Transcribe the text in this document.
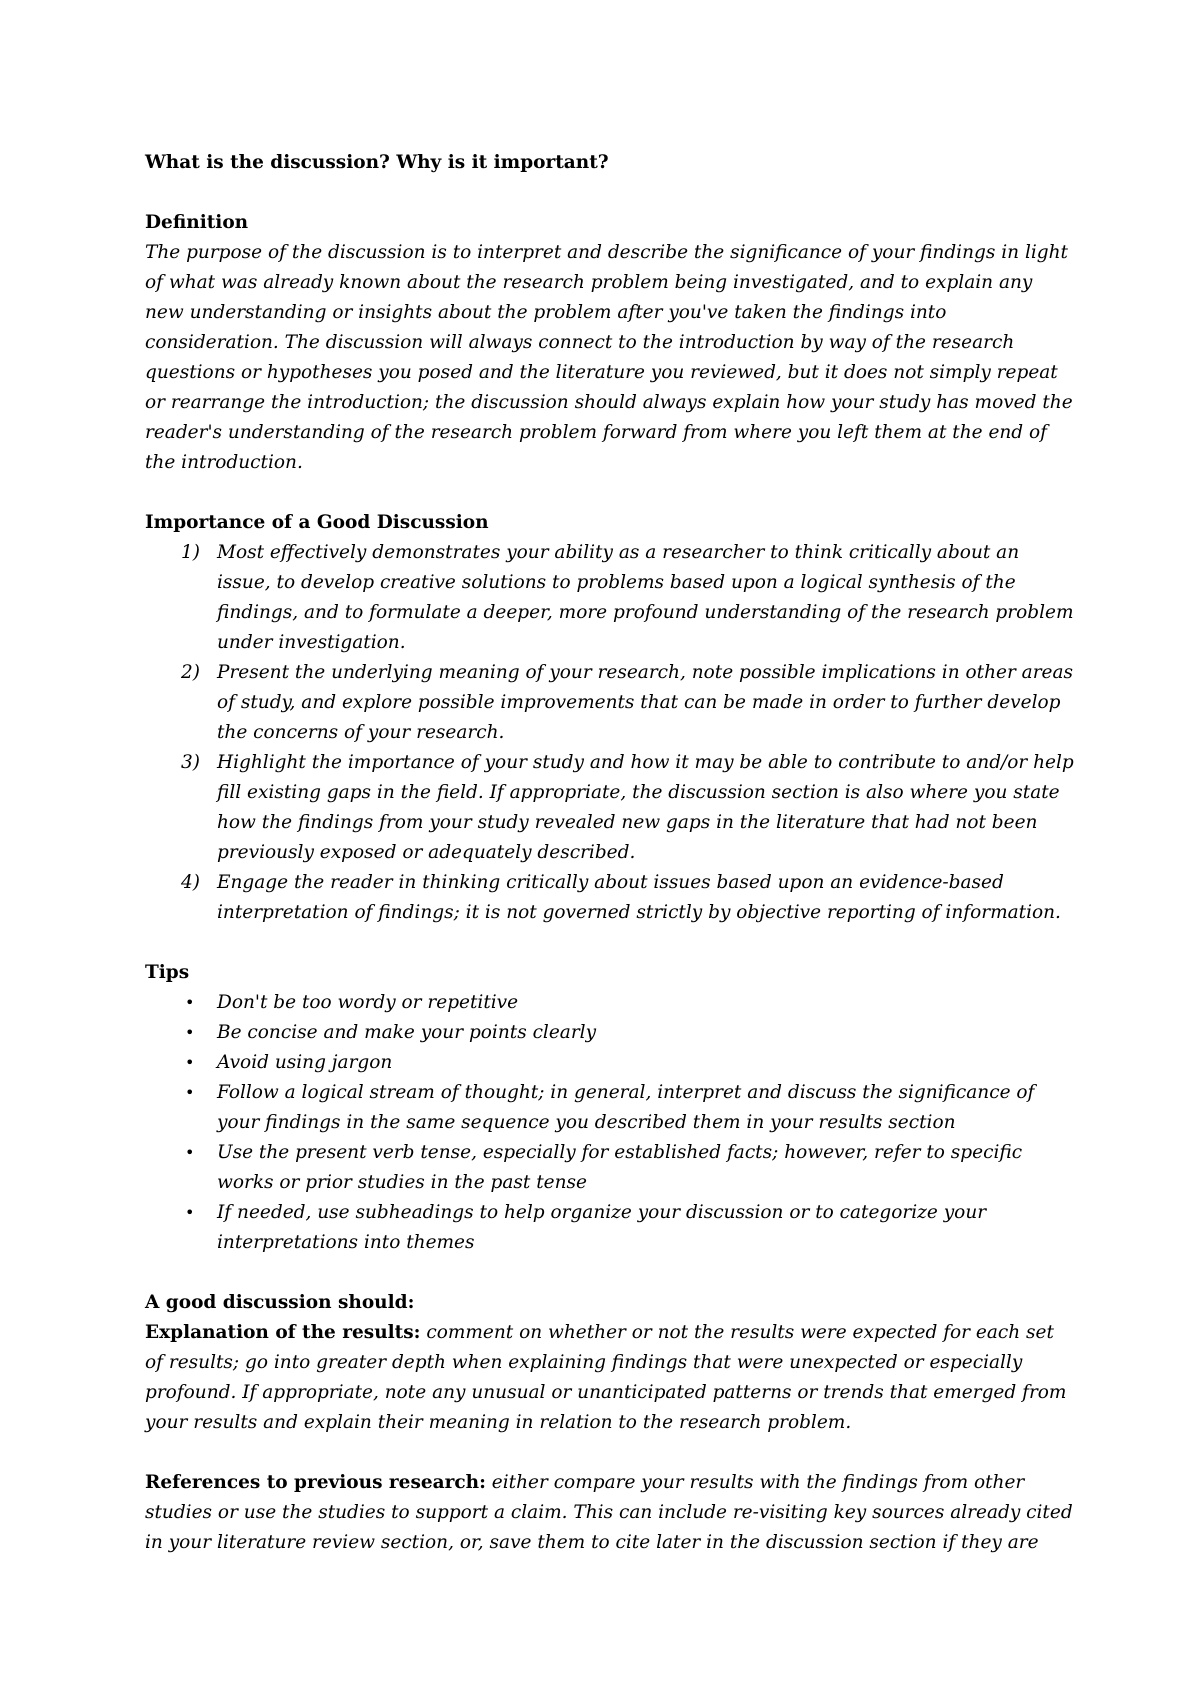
What is the discussion? Why is it important?

Definition

The purpose of the discussion is to interpret and describe the significance of your findings in light of what was already known about the research problem being investigated, and to explain any new understanding or insights about the problem after you've taken the findings into consideration. The discussion will always connect to the introduction by way of the research questions or hypotheses you posed and the literature you reviewed, but it does not simply repeat or rearrange the introduction; the discussion should always explain how your study has moved the reader's understanding of the research problem forward from where you left them at the end of the introduction.

Importance of a Good Discussion

1) Most effectively demonstrates your ability as a researcher to think critically about an issue, to develop creative solutions to problems based upon a logical synthesis of the findings, and to formulate a deeper, more profound understanding of the research problem under investigation.
2) Present the underlying meaning of your research, note possible implications in other areas of study, and explore possible improvements that can be made in order to further develop the concerns of your research.
3) Highlight the importance of your study and how it may be able to contribute to and/or help fill existing gaps in the field. If appropriate, the discussion section is also where you state how the findings from your study revealed new gaps in the literature that had not been previously exposed or adequately described.
4) Engage the reader in thinking critically about issues based upon an evidence-based interpretation of findings; it is not governed strictly by objective reporting of information.

Tips

• Don't be too wordy or repetitive
• Be concise and make your points clearly
• Avoid using jargon
• Follow a logical stream of thought; in general, interpret and discuss the significance of your findings in the same sequence you described them in your results section
• Use the present verb tense, especially for established facts; however, refer to specific works or prior studies in the past tense
• If needed, use subheadings to help organize your discussion or to categorize your interpretations into themes

A good discussion should:

Explanation of the results: comment on whether or not the results were expected for each set of results; go into greater depth when explaining findings that were unexpected or especially profound. If appropriate, note any unusual or unanticipated patterns or trends that emerged from your results and explain their meaning in relation to the research problem.

References to previous research: either compare your results with the findings from other studies or use the studies to support a claim. This can include re-visiting key sources already cited in your literature review section, or, save them to cite later in the discussion section if they are
